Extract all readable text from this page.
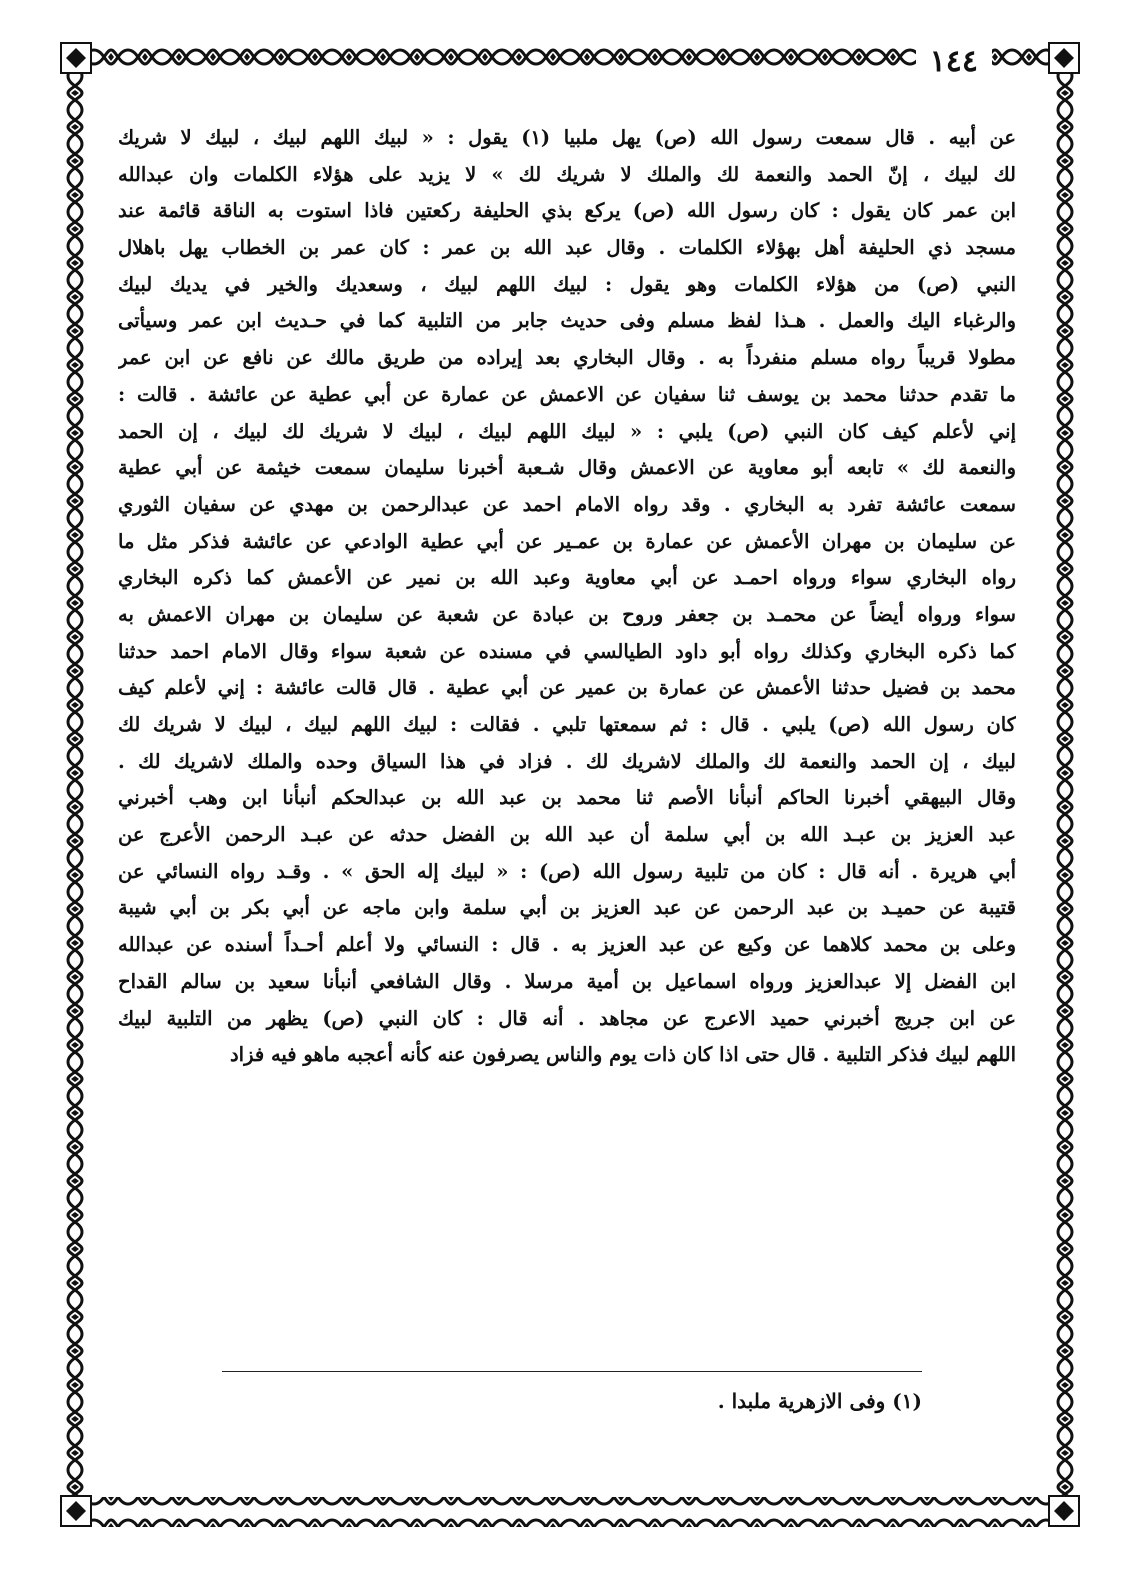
١٤٤
عن أبيه . قال سمعت رسول الله (ص) يهل ملبيا (١) يقول : « لبيك اللهم لبيك ، لبيك لا شريك
لك لبيك ، إنّ الحمد والنعمة لك والملك لا شريك لك » لا يزيد على هؤلاء الكلمات وان عبدالله
ابن عمر كان يقول : كان رسول الله (ص) يركع بذي الحليفة ركعتين فاذا استوت به الناقة قائمة عند
مسجد ذي الحليفة أهل بهؤلاء الكلمات . وقال عبد الله بن عمر : كان عمر بن الخطاب يهل باهلال
النبي (ص) من هؤلاء الكلمات وهو يقول : لبيك اللهم لبيك ، وسعديك والخير في يديك لبيك
والرغباء اليك والعمل . هـذا لفظ مسلم وفى حديث جابر من التلبية كما في حـديث ابن عمر وسيأتى
مطولا قريباً رواه مسلم منفرداً به . وقال البخاري بعد إيراده من طريق مالك عن نافع عن ابن عمر
ما تقدم حدثنا محمد بن يوسف ثنا سفيان عن الاعمش عن عمارة عن أبي عطية عن عائشة . قالت :
إني لأعلم كيف كان النبي (ص) يلبي : « لبيك اللهم لبيك ، لبيك لا شريك لك لبيك ، إن الحمد
والنعمة لك » تابعه أبو معاوية عن الاعمش وقال شـعبة أخبرنا سليمان سمعت خيثمة عن أبي عطية
سمعت عائشة تفرد به البخاري . وقد رواه الامام احمد عن عبدالرحمن بن مهدي عن سفيان الثوري
عن سليمان بن مهران الأعمش عن عمارة بن عمـير عن أبي عطية الوادعي عن عائشة فذكر مثل ما
رواه البخاري سواء ورواه احمـد عن أبي معاوية وعبد الله بن نمير عن الأعمش كما ذكره البخاري
سواء ورواه أيضاً عن محمـد بن جعفر وروح بن عبادة عن شعبة عن سليمان بن مهران الاعمش به
كما ذكره البخاري وكذلك رواه أبو داود الطيالسي في مسنده عن شعبة سواء وقال الامام احمد حدثنا
محمد بن فضيل حدثنا الأعمش عن عمارة بن عمير عن أبي عطية . قال قالت عائشة : إني لأعلم كيف
كان رسول الله (ص) يلبي . قال : ثم سمعتها تلبي . فقالت : لبيك اللهم لبيك ، لبيك لا شريك لك
لبيك ، إن الحمد والنعمة لك والملك لاشريك لك . فزاد في هذا السياق وحده والملك لاشريك لك .
وقال البيهقي أخبرنا الحاكم أنبأنا الأصم ثنا محمد بن عبد الله بن عبدالحكم أنبأنا ابن وهب أخبرني
عبد العزيز بن عبـد الله بن أبي سلمة أن عبد الله بن الفضل حدثه عن عبـد الرحمن الأعرج عن
أبي هريرة . أنه قال : كان من تلبية رسول الله (ص) : « لبيك إله الحق » . وقـد رواه النسائي عن
قتيبة عن حميـد بن عبد الرحمن عن عبد العزيز بن أبي سلمة وابن ماجه عن أبي بكر بن أبي شيبة
وعلى بن محمد كلاهما عن وكيع عن عبد العزيز به . قال : النسائي ولا أعلم أحـداً أسنده عن عبدالله
ابن الفضل إلا عبدالعزيز ورواه اسماعيل بن أمية مرسلا . وقال الشافعي أنبأنا سعيد بن سالم القداح
عن ابن جريج أخبرني حميد الاعرج عن مجاهد . أنه قال : كان النبي (ص) يظهر من التلبية لبيك
اللهم لبيك فذكر التلبية . قال حتى اذا كان ذات يوم والناس يصرفون عنه كأنه أعجبه ماهو فيه فزاد
(١) وفى الازهرية ملبدا .
